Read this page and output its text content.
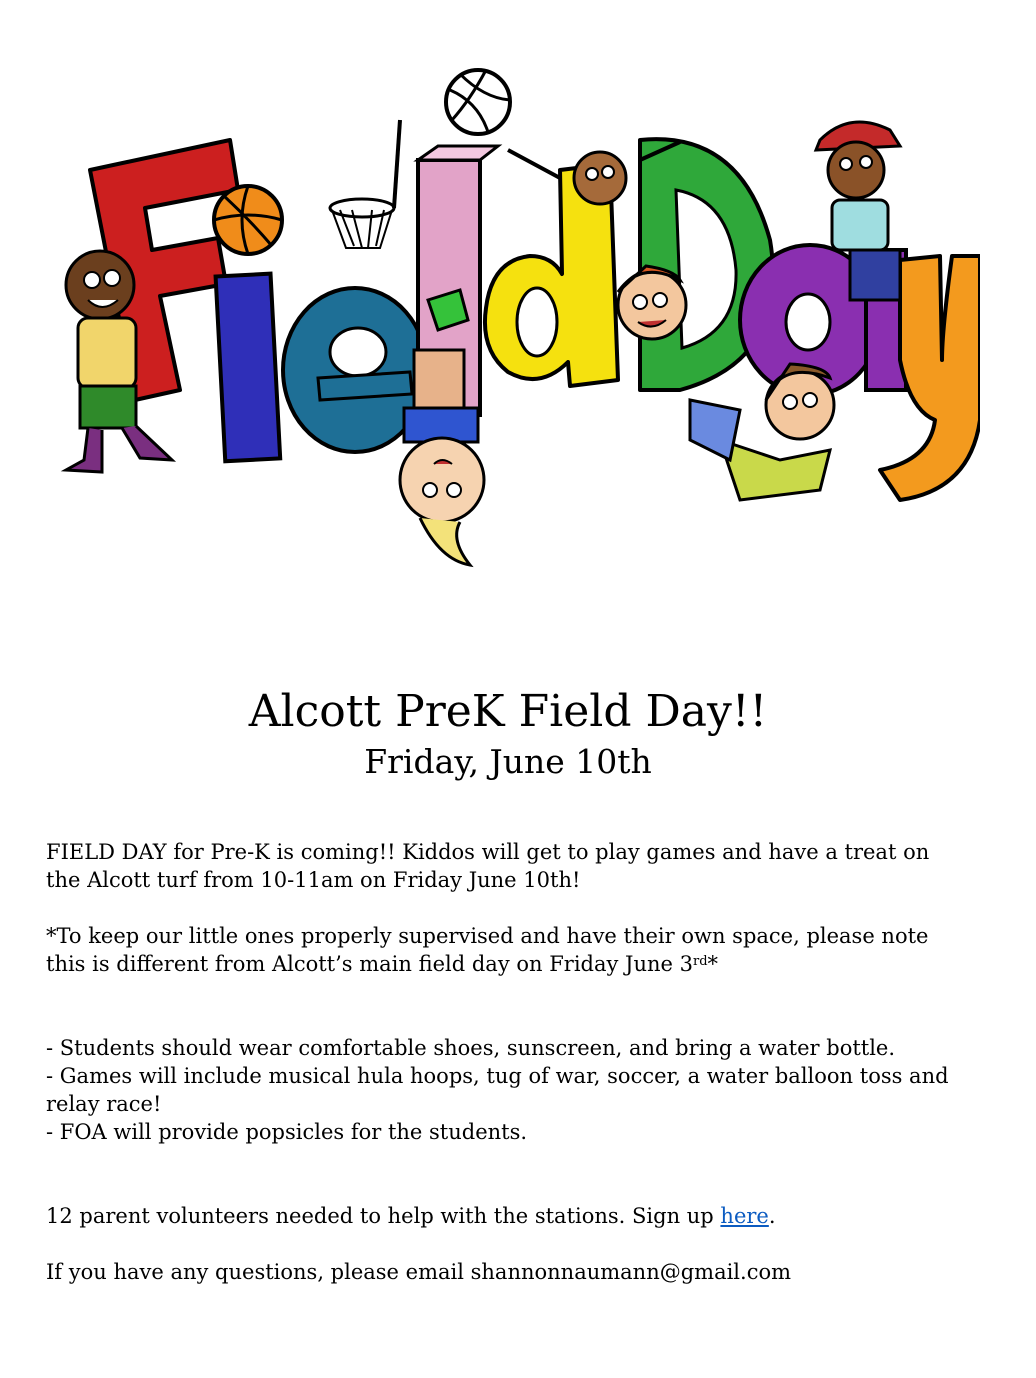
Alcott PreK Field Day!!

Friday, June 10th

FIELD DAY for Pre-K is coming!! Kiddos will get to play games and have a treat on the Alcott turf from 10-11am on Friday June 10th!

*To keep our little ones properly supervised and have their own space, please note this is different from Alcott’s main field day on Friday June 3rd*

- Students should wear comfortable shoes, sunscreen, and bring a water bottle.

- Games will include musical hula hoops, tug of war, soccer, a water balloon toss and relay race!

- FOA will provide popsicles for the students.

12 parent volunteers needed to help with the stations. Sign up here.

If you have any questions, please email shannonnaumann@gmail.com
